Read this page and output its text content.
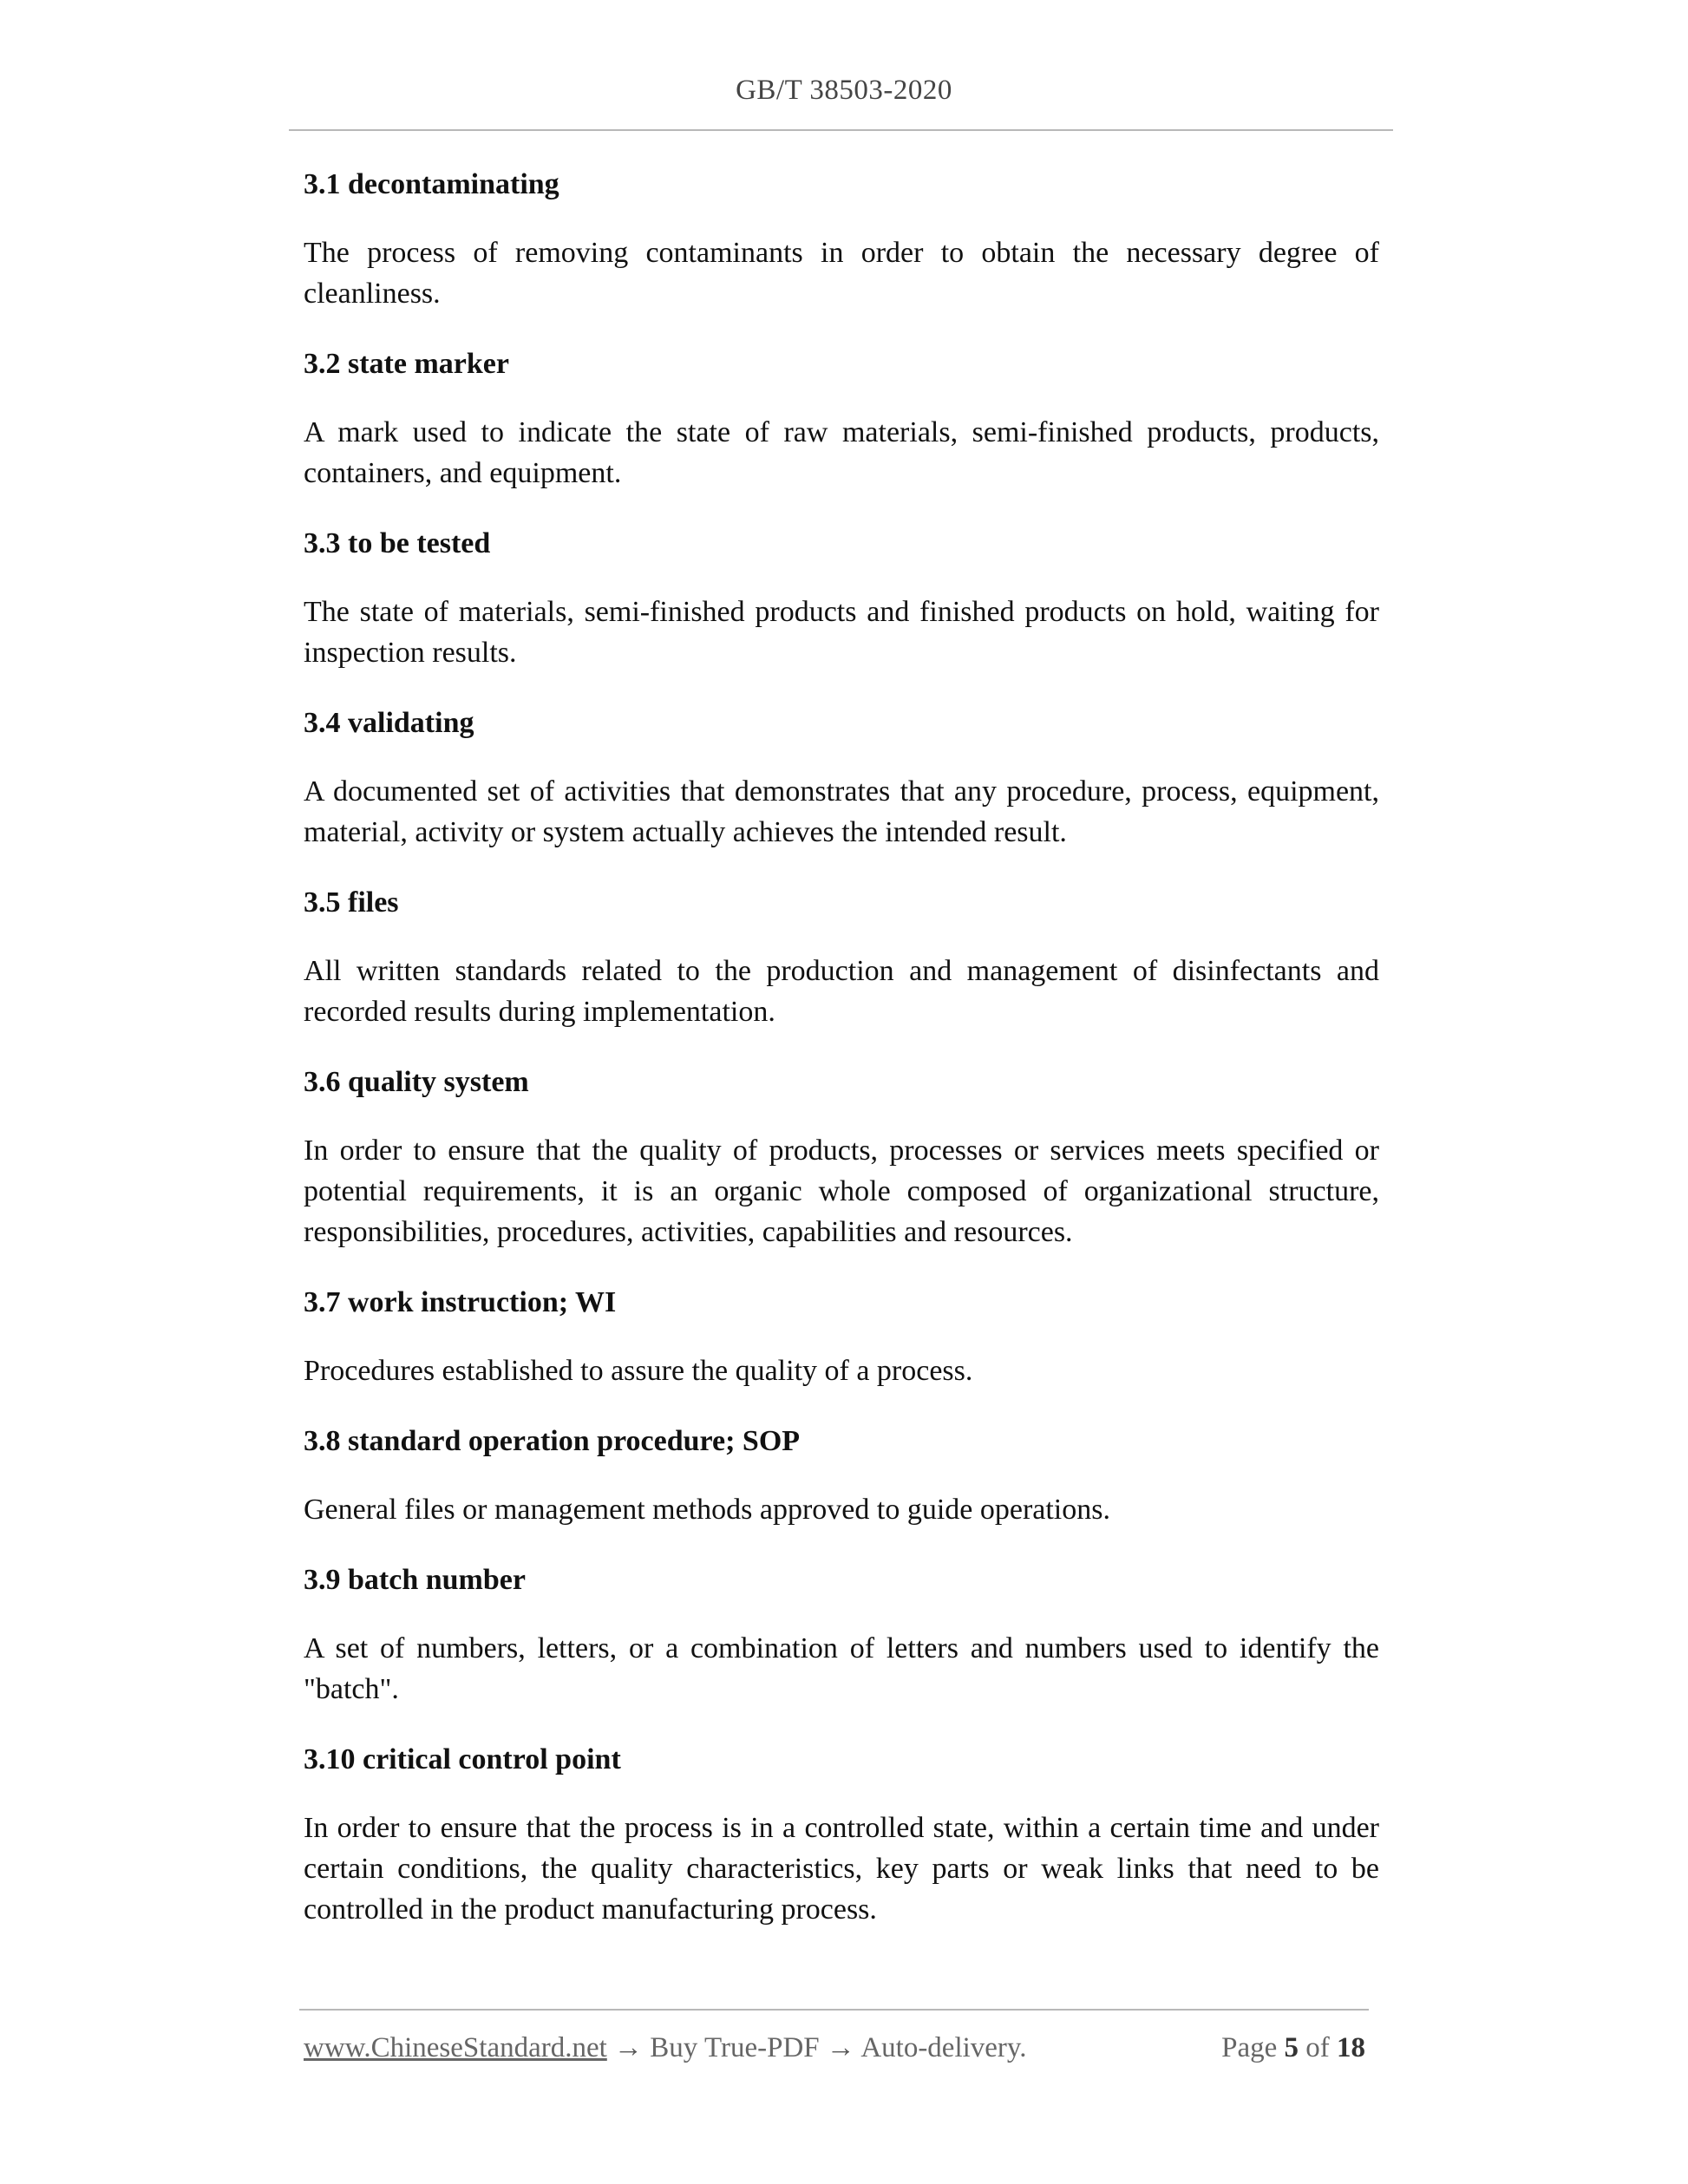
GB/T 38503-2020

3.1 decontaminating

The process of removing contaminants in order to obtain the necessary degree of cleanliness.

3.2 state marker

A mark used to indicate the state of raw materials, semi-finished products, products, containers, and equipment.

3.3 to be tested

The state of materials, semi-finished products and finished products on hold, waiting for inspection results.

3.4 validating

A documented set of activities that demonstrates that any procedure, process, equipment, material, activity or system actually achieves the intended result.

3.5 files

All written standards related to the production and management of disinfectants and recorded results during implementation.

3.6 quality system

In order to ensure that the quality of products, processes or services meets specified or potential requirements, it is an organic whole composed of organizational structure, responsibilities, procedures, activities, capabilities and resources.

3.7 work instruction; WI

Procedures established to assure the quality of a process.

3.8 standard operation procedure; SOP

General files or management methods approved to guide operations.

3.9 batch number

A set of numbers, letters, or a combination of letters and numbers used to identify the "batch".

3.10 critical control point

In order to ensure that the process is in a controlled state, within a certain time and under certain conditions, the quality characteristics, key parts or weak links that need to be controlled in the product manufacturing process.

www.ChineseStandard.net → Buy True-PDF → Auto-delivery.	Page 5 of 18
